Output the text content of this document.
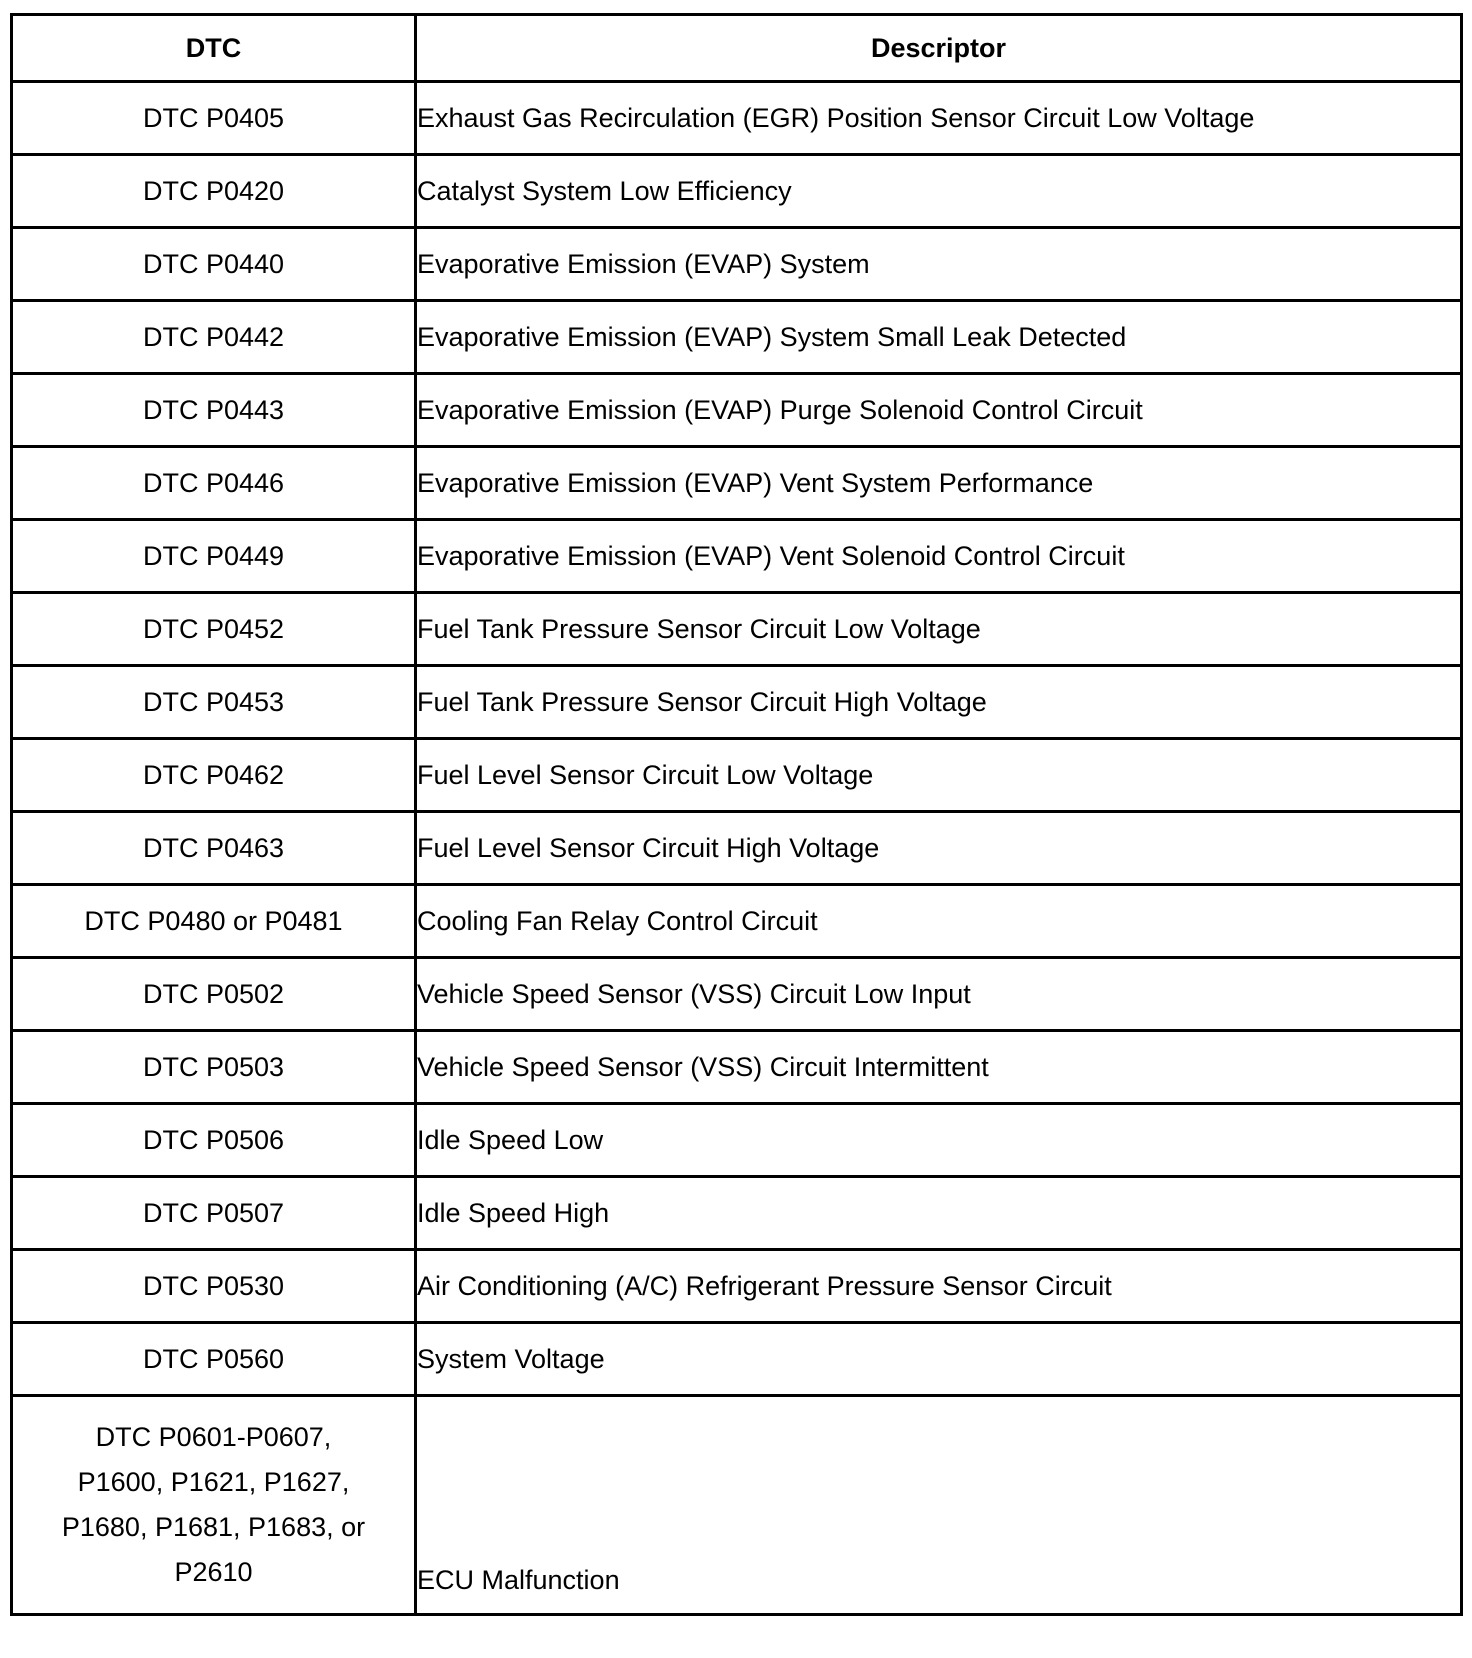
DTC	Descriptor
DTC P0405	Exhaust Gas Recirculation (EGR) Position Sensor Circuit Low Voltage
DTC P0420	Catalyst System Low Efficiency
DTC P0440	Evaporative Emission (EVAP) System
DTC P0442	Evaporative Emission (EVAP) System Small Leak Detected
DTC P0443	Evaporative Emission (EVAP) Purge Solenoid Control Circuit
DTC P0446	Evaporative Emission (EVAP) Vent System Performance
DTC P0449	Evaporative Emission (EVAP) Vent Solenoid Control Circuit
DTC P0452	Fuel Tank Pressure Sensor Circuit Low Voltage
DTC P0453	Fuel Tank Pressure Sensor Circuit High Voltage
DTC P0462	Fuel Level Sensor Circuit Low Voltage
DTC P0463	Fuel Level Sensor Circuit High Voltage
DTC P0480 or P0481	Cooling Fan Relay Control Circuit
DTC P0502	Vehicle Speed Sensor (VSS) Circuit Low Input
DTC P0503	Vehicle Speed Sensor (VSS) Circuit Intermittent
DTC P0506	Idle Speed Low
DTC P0507	Idle Speed High
DTC P0530	Air Conditioning (A/C) Refrigerant Pressure Sensor Circuit
DTC P0560	System Voltage

DTC P0601-P0607,
P1600, P1621, P1627,
P1680, P1681, P1683, or
P2610	ECU Malfunction
